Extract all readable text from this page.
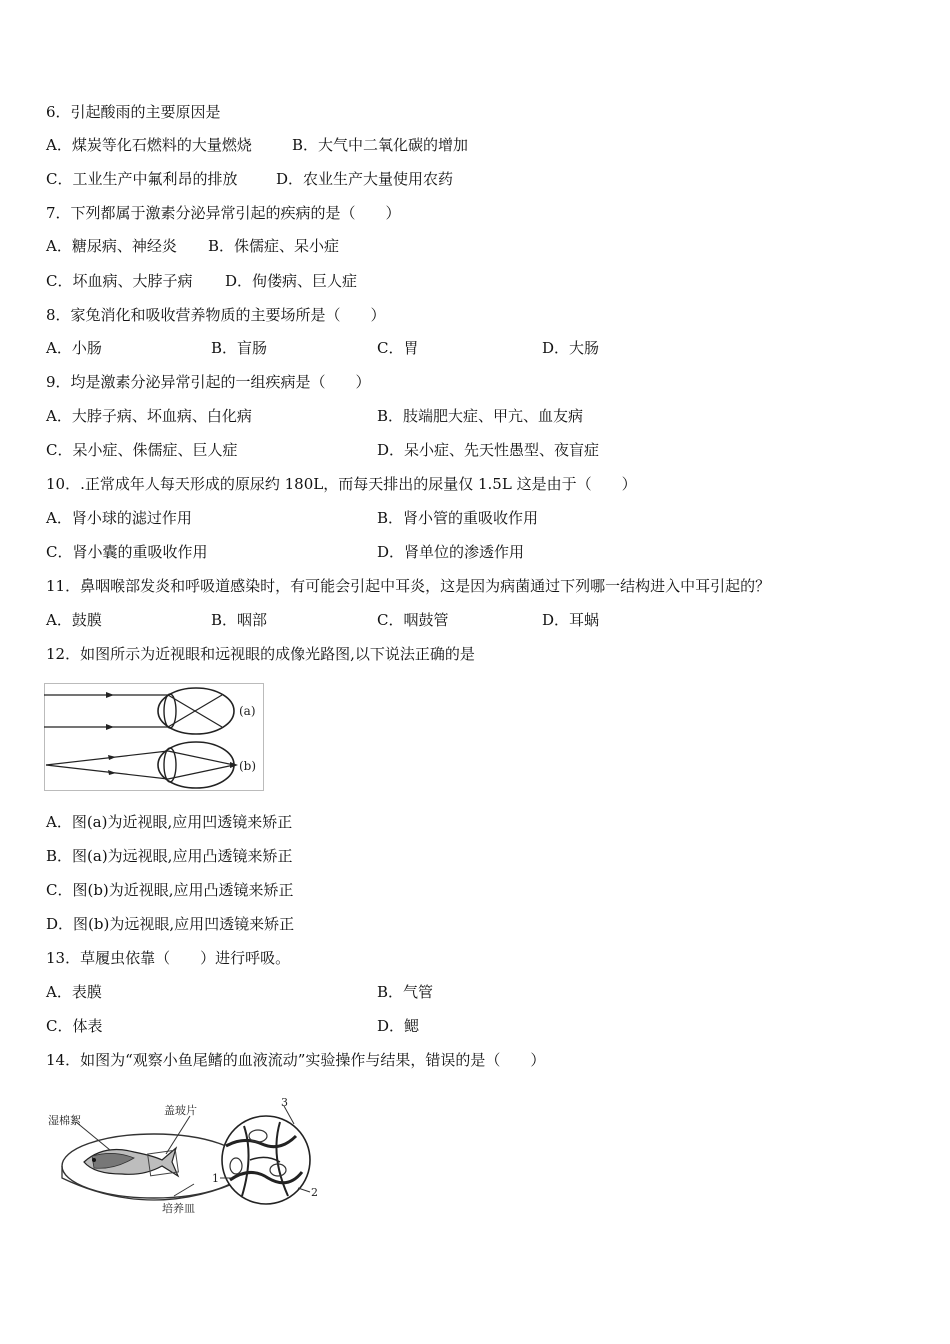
6．引起酸雨的主要原因是
A．煤炭等化石燃料的大量燃烧	B．大气中二氧化碳的增加
C．工业生产中氟利昂的排放	D．农业生产大量使用农药
7．下列都属于激素分泌异常引起的疾病的是（　　）
A．糖尿病、神经炎 B．侏儒症、呆小症
C．坏血病、大脖子病 D．佝偻病、巨人症
8．家兔消化和吸收营养物质的主要场所是（　　）
A．小肠	B．盲肠	C．胃	D．大肠
9．均是激素分泌异常引起的一组疾病是（　　）
A．大脖子病、坏血病、白化病	B．肢端肥大症、甲亢、血友病
C．呆小症、侏儒症、巨人症	D．呆小症、先天性愚型、夜盲症
10．.正常成年人每天形成的原尿约 180L，而每天排出的尿量仅 1.5L 这是由于（　　）
A．肾小球的滤过作用	B．肾小管的重吸收作用
C．肾小囊的重吸收作用	D．肾单位的渗透作用
11．鼻咽喉部发炎和呼吸道感染时，有可能会引起中耳炎，这是因为病菌通过下列哪一结构进入中耳引起的？
A．鼓膜	B．咽部	C．咽鼓管	D．耳蜗
12．如图所示为近视眼和远视眼的成像光路图,以下说法正确的是
(a)
(b)
A．图(a)为近视眼,应用凹透镜来矫正
B．图(a)为远视眼,应用凸透镜来矫正
C．图(b)为近视眼,应用凸透镜来矫正
D．图(b)为远视眼,应用凹透镜来矫正
13．草履虫依靠（　　）进行呼吸。
A．表膜	B．气管
C．体表	D．鳃
14．如图为“观察小鱼尾鳍的血液流动”实验操作与结果，错误的是（　　）
湿棉絮
盖玻片
培养皿
1
2
3
